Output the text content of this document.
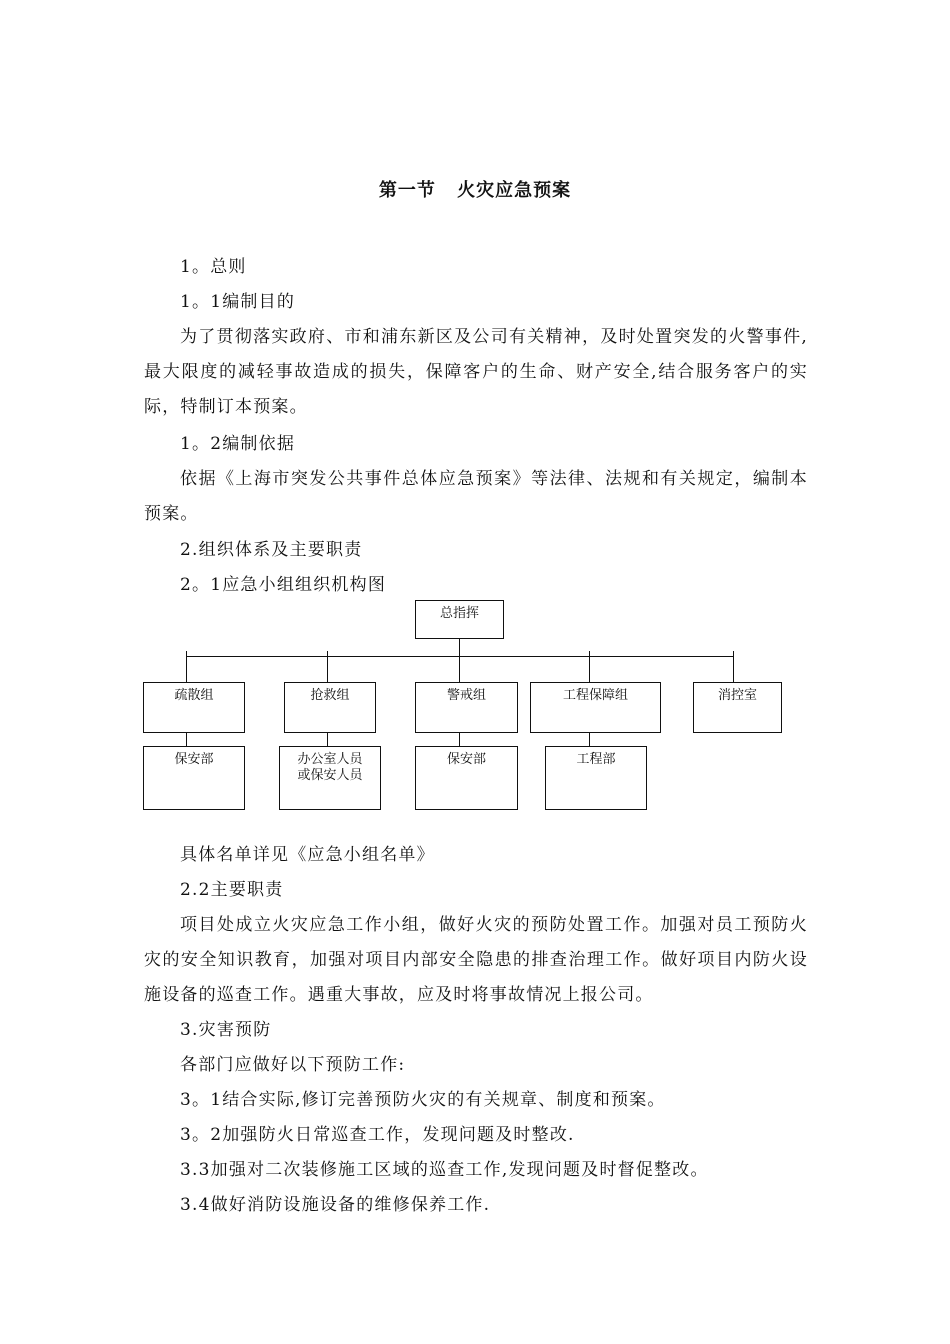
第一节 火灾应急预案

1。总则

1。1编制目的

为了贯彻落实政府、市和浦东新区及公司有关精神，及时处置突发的火警事件,最大限度的减轻事故造成的损失，保障客户的生命、财产安全,结合服务客户的实际，特制订本预案。

1。2编制依据

依据《上海市突发公共事件总体应急预案》等法律、法规和有关规定，编制本预案。

2.组织体系及主要职责

2。1应急小组组织机构图

总指挥
疏散组	抢救组	警戒组	工程保障组	消控室
保安部	办公室人员
或保安人员
保安部	工程部

具体名单详见《应急小组名单》

2.2主要职责

项目处成立火灾应急工作小组，做好火灾的预防处置工作。加强对员工预防火灾的安全知识教育，加强对项目内部安全隐患的排查治理工作。做好项目内防火设施设备的巡查工作。遇重大事故，应及时将事故情况上报公司。

3.灾害预防

各部门应做好以下预防工作:

3。1结合实际,修订完善预防火灾的有关规章、制度和预案。

3。2加强防火日常巡查工作，发现问题及时整改.

3.3加强对二次装修施工区域的巡查工作,发现问题及时督促整改。

3.4做好消防设施设备的维修保养工作.
